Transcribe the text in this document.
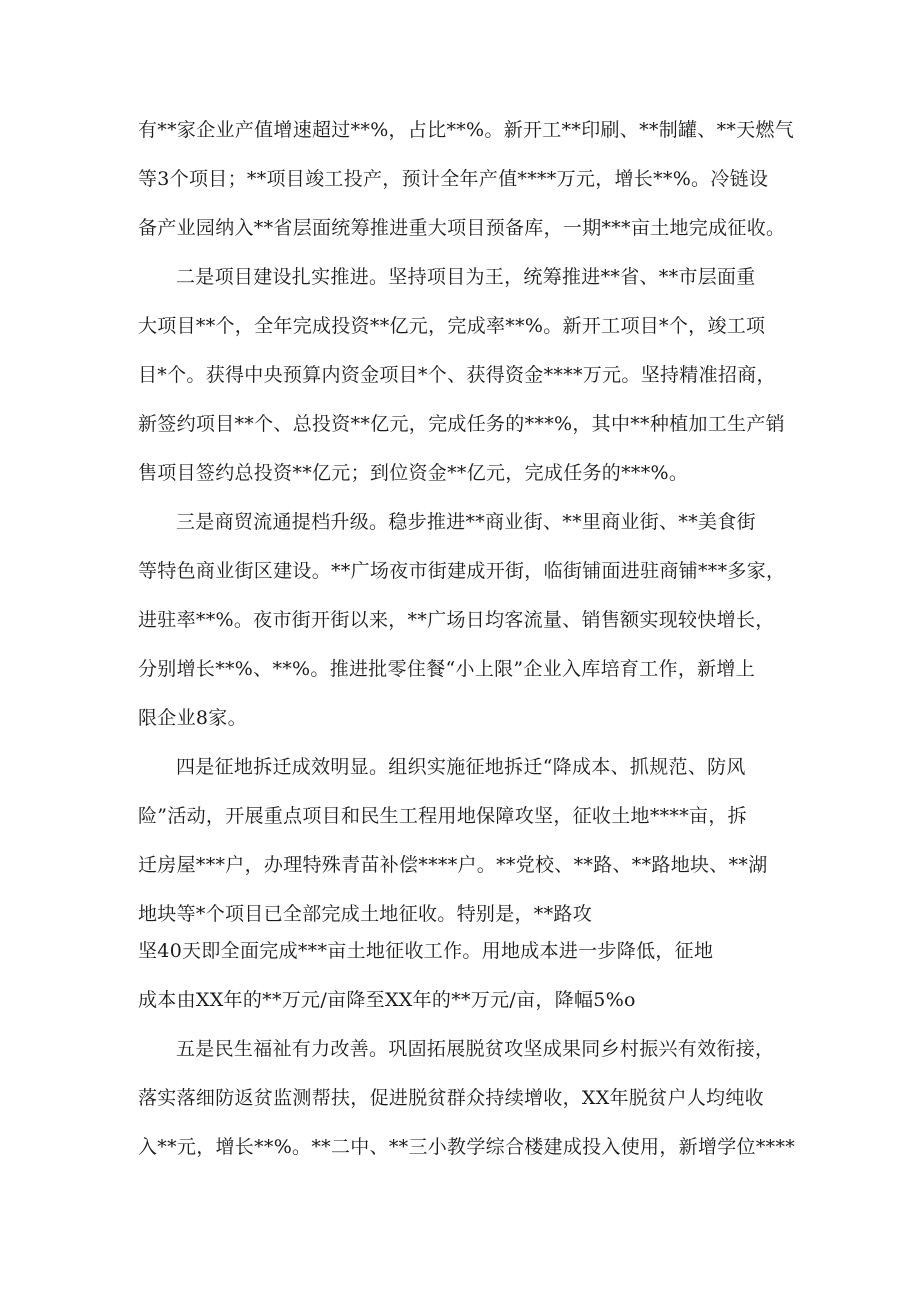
有**家企业产值增速超过**%，占比**%。新开工**印刷、**制罐、**天燃气
等3个项目；**项目竣工投产，预计全年产值****万元，增长**%。冷链设
备产业园纳入**省层面统筹推进重大项目预备库，一期***亩土地完成征收。
二是项目建设扎实推进。坚持项目为王，统筹推进**省、**市层面重
大项目**个，全年完成投资**亿元，完成率**%。新开工项目*个，竣工项
目*个。获得中央预算内资金项目*个、获得资金****万元。坚持精准招商，
新签约项目**个、总投资**亿元，完成任务的***%，其中**种植加工生产销
售项目签约总投资**亿元；到位资金**亿元，完成任务的***%。
三是商贸流通提档升级。稳步推进**商业街、**里商业街、**美食街
等特色商业街区建设。**广场夜市街建成开街，临街铺面进驻商铺***多家，
进驻率**%。夜市街开街以来，**广场日均客流量、销售额实现较快增长，
分别增长**%、**%。推进批零住餐“小上限”企业入库培育工作，新增上
限企业8家。
四是征地拆迁成效明显。组织实施征地拆迁“降成本、抓规范、防风
险”活动，开展重点项目和民生工程用地保障攻坚，征收土地****亩，拆
迁房屋***户，办理特殊青苗补偿****户。**党校、**路、**路地块、**湖
地块等*个项目已全部完成土地征收。特别是，**路攻
坚40天即全面完成***亩土地征收工作。用地成本进一步降低，征地
成本由XX年的**万元/亩降至XX年的**万元/亩，降幅5%o
五是民生福祉有力改善。巩固拓展脱贫攻坚成果同乡村振兴有效衔接，
落实落细防返贫监测帮扶，促进脱贫群众持续增收，XX年脱贫户人均纯收
入**元，增长**%。**二中、**三小教学综合楼建成投入使用，新增学位****
